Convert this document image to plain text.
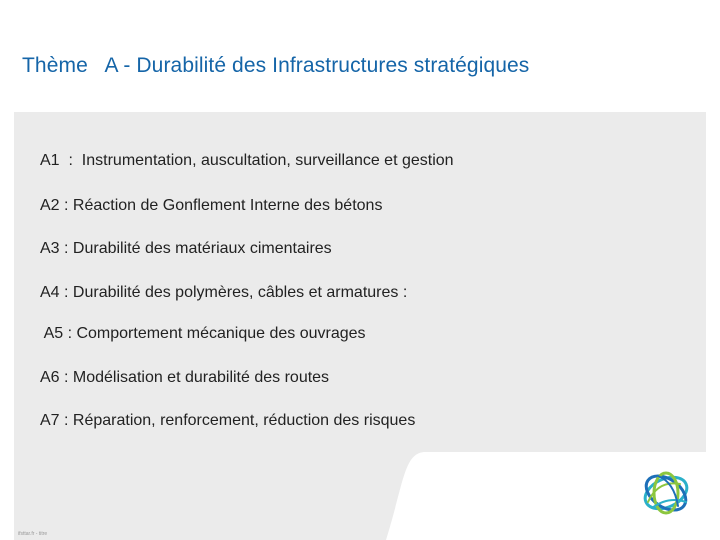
Thème   A - Durabilité des Infrastructures stratégiques
A1  :  Instrumentation, auscultation, surveillance et gestion
A2 : Réaction de Gonflement Interne des bétons
A3 : Durabilité des matériaux cimentaires
A4 : Durabilité des polymères, câbles et armatures :
A5 : Comportement mécanique des ouvrages
A6 : Modélisation et durabilité des routes
A7 : Réparation, renforcement, réduction des risques
ifsttar.fr - titre
